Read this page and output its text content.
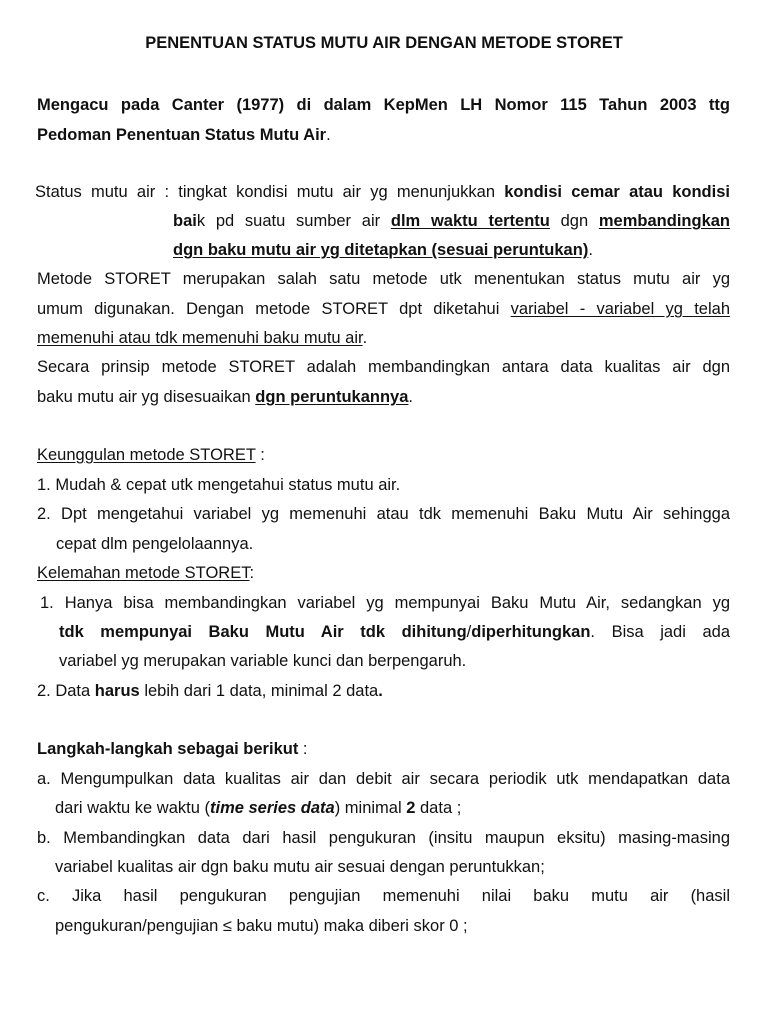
PENENTUAN STATUS MUTU AIR DENGAN METODE STORET
Mengacu pada Canter (1977) di dalam KepMen LH Nomor 115 Tahun 2003 ttg
Pedoman Penentuan Status Mutu Air.
Status mutu air : tingkat kondisi mutu air yg menunjukkan kondisi cemar atau kondisi
baik pd suatu sumber air dlm waktu tertentu dgn membandingkan
dgn baku mutu air yg ditetapkan (sesuai peruntukan).
Metode STORET merupakan salah satu metode utk menentukan status mutu air yg
umum digunakan. Dengan metode STORET dpt diketahui variabel - variabel yg telah
memenuhi atau tdk memenuhi baku mutu air.
Secara prinsip metode STORET adalah membandingkan antara data kualitas air dgn
baku mutu air yg disesuaikan dgn peruntukannya.
Keunggulan metode STORET :
1. Mudah & cepat utk mengetahui status mutu air.
2. Dpt mengetahui variabel yg memenuhi atau tdk memenuhi Baku Mutu Air sehingga
cepat dlm pengelolaannya.
Kelemahan metode STORET:
1. Hanya bisa membandingkan variabel yg mempunyai Baku Mutu Air, sedangkan yg
tdk mempunyai Baku Mutu Air tdk dihitung/diperhitungkan. Bisa jadi ada
variabel yg merupakan variable kunci dan berpengaruh.
2. Data harus lebih dari 1 data, minimal 2 data.
Langkah-langkah sebagai berikut :
a. Mengumpulkan data kualitas air dan debit air secara periodik utk mendapatkan data
dari waktu ke waktu (time series data) minimal 2 data ;
b. Membandingkan data dari hasil pengukuran (insitu maupun eksitu) masing-masing
variabel kualitas air dgn baku mutu air sesuai dengan peruntukkan;
c. Jika hasil pengukuran pengujian memenuhi nilai baku mutu air (hasil
pengukuran/pengujian ≤ baku mutu) maka diberi skor 0 ;
